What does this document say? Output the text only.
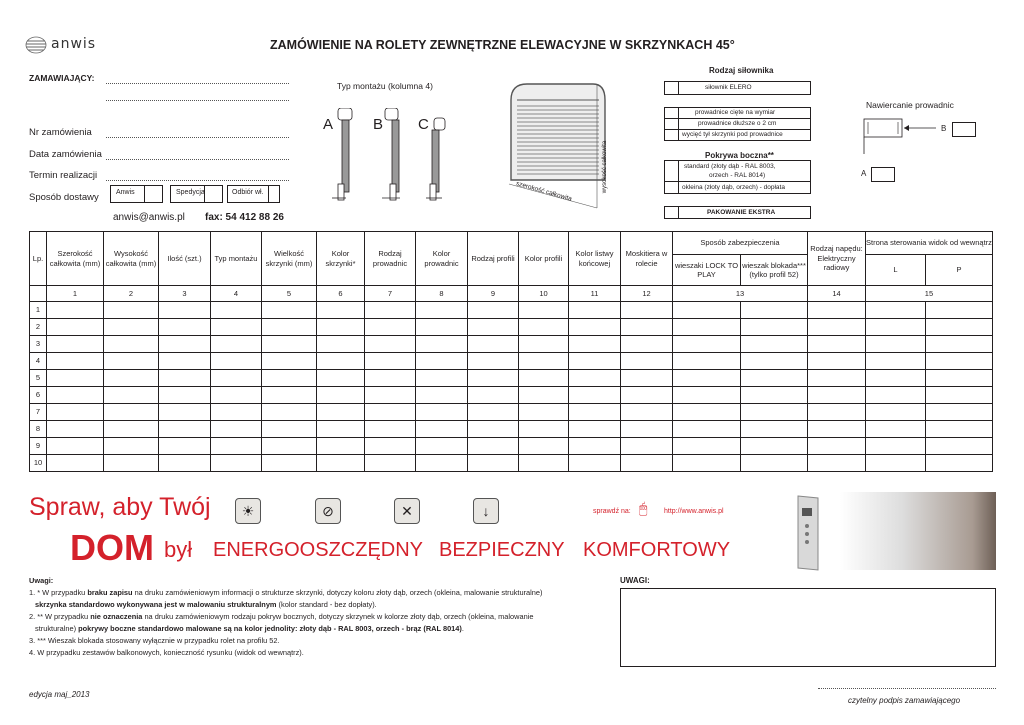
anwis	ZAMÓWIENIE NA ROLETY ZEWNĘTRZNE ELEWACYJNE W SKRZYNKACH 45°
ZAMAWIAJĄCY:
Nr zamówienia
Data zamówienia
Termin realizacji
Sposób dostawy Anwis	Spedycja	Odbiór wł.
anwis@anwis.pl fax: 54 412 88 26
Typ montażu (kolumna 4)
A	B C
wysokość całkowita
szerokość całkowita
Rodzaj siłownika
siłownik ELERO
prowadnice cięte na wymiar
prowadnice dłuższe o 2 cm
wycięć tył skrzynki pod prowadnice
Pokrywa boczna**
standard (złoty dąb - RAL 8003,
orzech - RAL 8014)
okleina (złoty dąb, orzech) - dopłata
PAKOWANIE EKSTRA
Nawiercanie prowadnic
B
A
Lp.	Szerokość całkowita (mm)	Wysokość całkowita (mm)	Ilość (szt.)	Typ montażu	Wielkość skrzynki (mm)	Kolor skrzynki*	Rodzaj prowadnic	Kolor prowadnic	Rodzaj profili	Kolor profili	Kolor listwy końcowej	Moskitiera w rolecie	Sposób zabezpieczenia		Rodzaj napędu: Elektryczny radiowy	Strona sterowania widok od wewnątrz	
													wieszaki LOCK TO PLAY	wieszak blokada*** (tylko profil 52)		L	P
	1	2	3	4	5	6	7	8	9	10	11	12	13		14	15	
1																	
2																	
3																	
4																	
5																	
6																	
7																	
8																	
9																	
10																	
Spraw, aby Twój	☀	⊘	✕	↓	sprawdź na: 🖱 http://www.anwis.pl
DOM był ENERGOOSZCZĘDNY BEZPIECZNY KOMFORTOWY
Uwagi:
1. * W przypadku braku zapisu na druku zamówieniowym informacji o strukturze skrzynki, dotyczy koloru złoty dąb, orzech (okleina, malowanie strukturalne)
skrzynka standardowo wykonywana jest w malowaniu strukturalnym (kolor standard - bez dopłaty).
2. ** W przypadku nie oznaczenia na druku zamówieniowym rodzaju pokryw bocznych, dotyczy skrzynek w kolorze złoty dąb, orzech (okleina, malowanie
strukturalne) pokrywy boczne standardowo malowane są na kolor jednolity: złoty dąb - RAL 8003, orzech - brąz (RAL 8014).
3. *** Wieszak blokada stosowany wyłącznie w przypadku rolet na profilu 52.
4. W przypadku zestawów balkonowych, konieczność rysunku (widok od wewnątrz).
UWAGI:
edycja maj_2013
czytelny podpis zamawiającego
